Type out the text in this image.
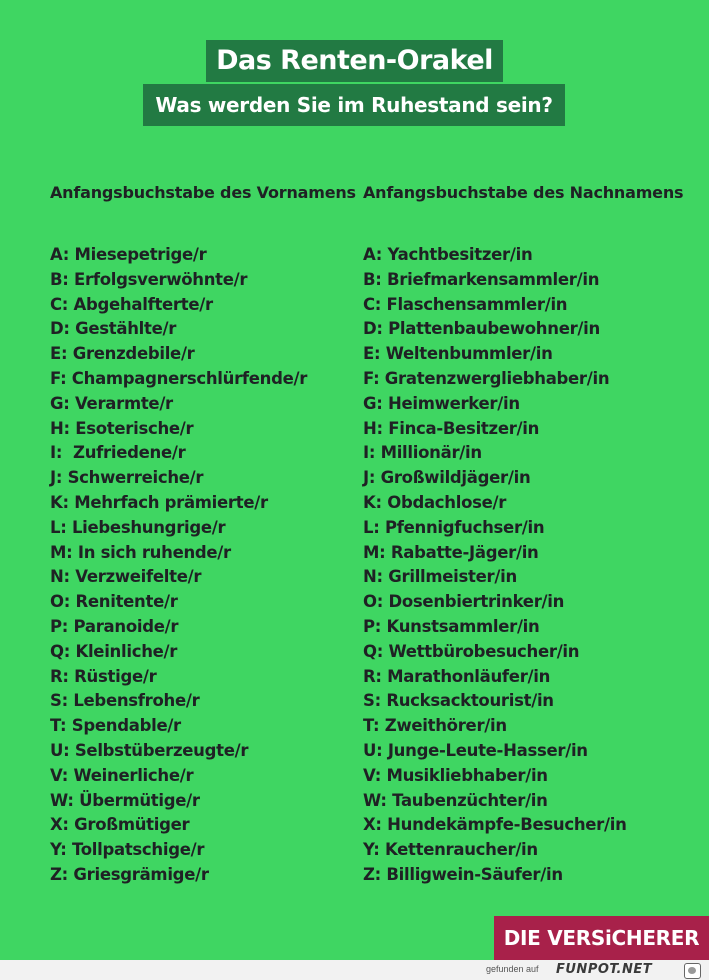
Das Renten-Orakel
Was werden Sie im Ruhestand sein?
Anfangsbuchstabe des Vornamens
A: Miesepetrige/r
B: Erfolgsverwöhnte/r
C: Abgehalfterte/r
D: Gestählte/r
E: Grenzdebile/r
F: Champagnerschlürfende/r
G: Verarmte/r
H: Esoterische/r
I:  Zufriedene/r
J: Schwerreiche/r
K: Mehrfach prämierte/r
L: Liebeshungrige/r
M: In sich ruhende/r
N: Verzweifelte/r
O: Renitente/r
P: Paranoide/r
Q: Kleinliche/r
R: Rüstige/r
S: Lebensfrohe/r
T: Spendable/r
U: Selbstüberzeugte/r
V: Weinerliche/r
W: Übermütige/r
X: Großmütiger
Y: Tollpatschige/r
Z: Griesgrämige/r
Anfangsbuchstabe des Nachnamens
A: Yachtbesitzer/in
B: Briefmarkensammler/in
C: Flaschensammler/in
D: Plattenbaubewohner/in
E: Weltenbummler/in
F: Gratenzwergliebhaber/in
G: Heimwerker/in
H: Finca-Besitzer/in
I: Millionär/in
J: Großwildjäger/in
K: Obdachlose/r
L: Pfennigfuchser/in
M: Rabatte-Jäger/in
N: Grillmeister/in
O: Dosenbiertrinker/in
P: Kunstsammler/in
Q: Wettbürobesucher/in
R: Marathonläufer/in
S: Rucksacktourist/in
T: Zweithörer/in
U: Junge-Leute-Hasser/in
V: Musikliebhaber/in
W: Taubenzüchter/in
X: Hundekämpfe-Besucher/in
Y: Kettenraucher/in
Z: Billigwein-Säufer/in
DIE VERSiCHERER
gefunden auf FUNPOT.NET
